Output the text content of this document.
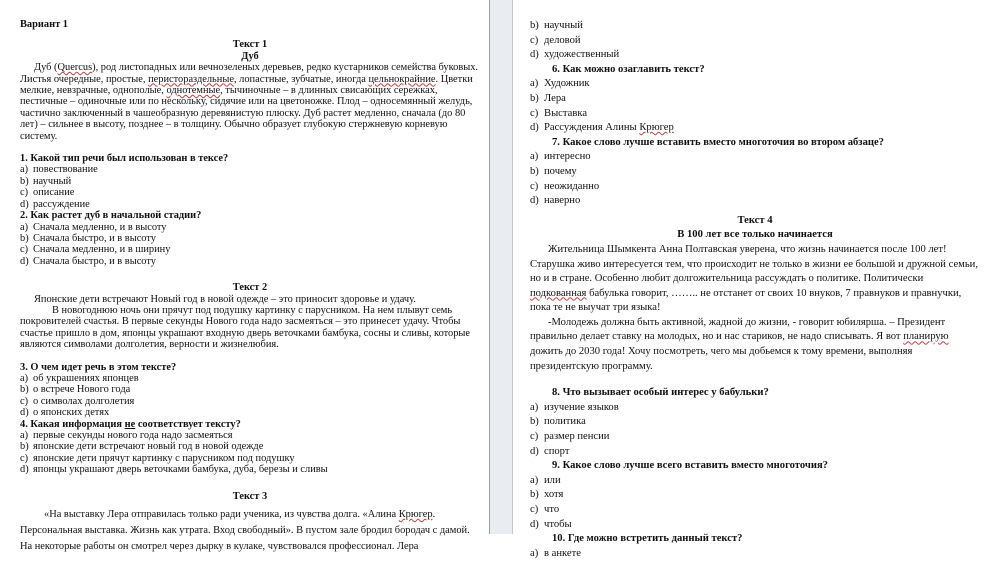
Вариант 1
Текст 1
Дуб
Дуб (Quercus), род листопадных или вечнозеленых деревьев, редко кустарников семейства буковых. Листья очередные, простые, перистораздельные, лопастные, зубчатые, иногда цельнокрайние. Цветки мелкие, невзрачные, однополые, однотемные, тычиночные – в длинных свисающих сережках, пестичные – одиночные или по нескольку, сидячие или на цветоножке. Плод – односемянный желудь, частично заключенный в чашеобразную деревянистую плюску. Дуб растет медленно, сначала (до 80 лет) – сильнее в высоту, позднее – в толщину. Обычно образует глубокую стержневую корневую систему.
1. Какой тип речи был использован в тексе?
a) повествование
b) научный
c) описание
d) рассуждение
2. Как растет дуб в начальной стадии?
a) Сначала медленно, и в высоту
b) Сначала быстро, и в высоту
c) Сначала медленно, и в ширину
d) Сначала быстро, и в высоту
Текст 2
Японские дети встречают Новый год в новой одежде – это приносит здоровье и удачу.
В новогоднюю ночь они прячут под подушку картинку с парусником. На нем плывут семь покровителей счастья. В первые секунды Нового года надо засмеяться – это принесет удачу. Чтобы счастье пришло в дом, японцы украшают входную дверь веточками бамбука, сосны и сливы, которые являются символами долголетия, верности и жизнелюбия.
3. О чем идет речь в этом тексте?
a) об украшениях японцев
b) о встрече Нового года
c) о символах долголетия
d) о японских детях
4. Какая информация не соответствует тексту?
a) первые секунды нового года надо засмеяться
b) японские дети встречают новый год в новой одежде
c) японские дети прячут картинку с парусником под подушку
d) японцы украшают дверь веточками бамбука, дуба, березы и сливы
Текст 3
«На выставку Лера отправилась только ради ученика, из чувства долга. «Алина Крюгер. Персональная выставка. Жизнь как утрата. Вход свободный». В пустом зале бродил бородач с дамой. На некоторые работы он смотрел через дырку в кулаке, чувствовался профессионал. Лера
b) научный
c) деловой
d) художественный
6. Как можно озаглавить текст?
a) Художник
b) Лера
c) Выставка
d) Рассуждения Алины Крюгер
7. Какое слово лучше вставить вместо многоточия во втором абзаце?
a) интересно
b) почему
c) неожиданно
d) наверно
Текст 4
В 100 лет все только начинается
Жительница Шымкента Анна Полтавская уверена, что жизнь начинается после 100 лет!
Старушка живо интересуется тем, что происходит не только в жизни ее большой и дружной семьи, но и в стране. Особенно любит долгожительница рассуждать о политике. Политически подкованная бабулька говорит, …….. не отстанет от своих 10 внуков, 7 правнуков и правнучки, пока те не выучат три языка!
-Молодежь должна быть активной, жадной до жизни, - говорит юбилярша. – Президент правильно делает ставку на молодых, но и нас стариков, не надо списывать. Я вот планирую дожить до 2030 года! Хочу посмотреть, чего мы добьемся к тому времени, выполняя президентскую программу.
8. Что вызывает особый интерес у бабульки?
a) изучение языков
b) политика
c) размер пенсии
d) спорт
9. Какое слово лучше всего вставить вместо многоточия?
a) или
b) хотя
c) что
d) чтобы
10. Где можно встретить данный текст?
a) в анкете
